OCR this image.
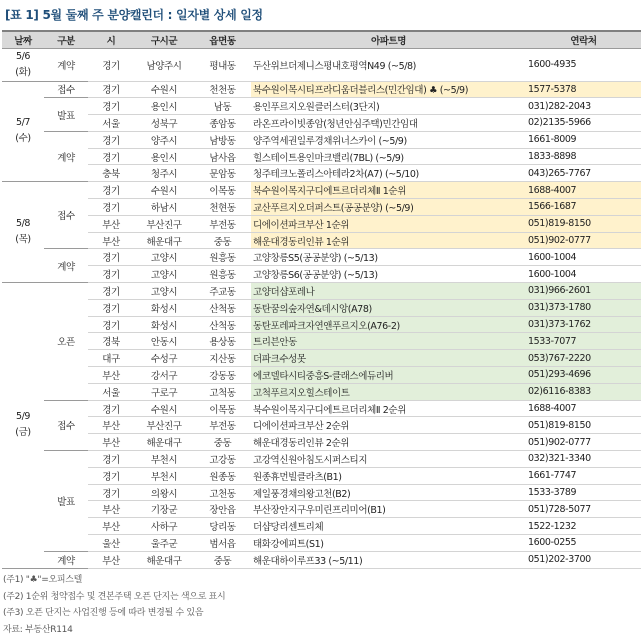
[표 1] 5월 둘째 주 분양캘린더 : 일자별 상세 일정
날짜	구분	시	구시군	읍면동	아파트명	연락처

5/6
(화)	계약	경기	남양주시	평내동	두산위브더제니스평내호평역N49 (~5/8)	1600-4935

5/7
(수)	접수	경기	수원시	천천동	북수원이목시티프라디움더블리스(민간임대) ♣ (~5/9)	1577-5378
	발표	경기	용인시	남동	용인푸르지오원클러스터(3단지)	031)282-2043
		서울	성북구	종암동	라온프라이빗종암(청년안심주택)민간임대	02)2135-5966
	계약	경기	양주시	남방동	양주역세권일루경채위너스카이 (~5/9)	1661-8009
		경기	용인시	남사읍	힐스테이트용인마크밸리(7BL) (~5/9)	1833-8898
		충북	청주시	문암동	청주테크노폴리스아테라2차(A7) (~5/10)	043)265-7767

5/8
(목)	접수	경기	수원시	이목동	북수원이목지구디에트르더리체Ⅱ 1순위	1688-4007
		경기	하남시	천현동	교산푸르지오더퍼스트(공공분양) (~5/9)	1566-1687
		부산	부산진구	부전동	디에이션파크부산 1순위	051)819-8150
		부산	해운대구	중동	해운대경동리인뷰 1순위	051)902-0777
	계약	경기	고양시	원흥동	고양창릉S5(공공분양) (~5/13)	1600-1004
		경기	고양시	원흥동	고양창릉S6(공공분양) (~5/13)	1600-1004

5/9
(금)	오픈	경기	고양시	주교동	고양더샵포레나	031)966-2601
		경기	화성시	산척동	동탄꿈의숲자연&데시앙(A78)	031)373-1780
		경기	화성시	산척동	동탄포레파크자연앤푸르지오(A76-2)	031)373-1762
		경북	안동시	용상동	트리븐안동	1533-7077
		대구	수성구	지산동	더파크수성못	053)767-2220
		부산	강서구	강동동	에코델타시티중흥S-클래스에듀리버	051)293-4696
		서울	구로구	고척동	고척푸르지오힐스테이트	02)6116-8383
	접수	경기	수원시	이목동	북수원이목지구디에트르더리체Ⅱ 2순위	1688-4007
		부산	부산진구	부전동	디에이션파크부산 2순위	051)819-8150
		부산	해운대구	중동	해운대경동리인뷰 2순위	051)902-0777
	발표	경기	부천시	고강동	고강역신원아침도시퍼스티지	032)321-3340
		경기	부천시	원종동	원종휴먼빌클라츠(B1)	1661-7747
		경기	의왕시	고천동	제일풍경채의왕고천(B2)	1533-3789
		부산	기장군	장안읍	부산장안지구우미린프리미어(B1)	051)728-5077
		부산	사하구	당리동	더샵당리센트리체	1522-1232
		울산	울주군	범서읍	태화강에피트(S1)	1600-0255
	계약	부산	해운대구	중동	해운대하이루프33 (~5/11)	051)202-3700
(주1) "♣"=오피스텔
(주2) 1순위 청약접수 및 견본주택 오픈 단지는 색으로 표시
(주3) 오픈 단지는 사업진행 등에 따라 변경될 수 있음
자료: 부동산R114
